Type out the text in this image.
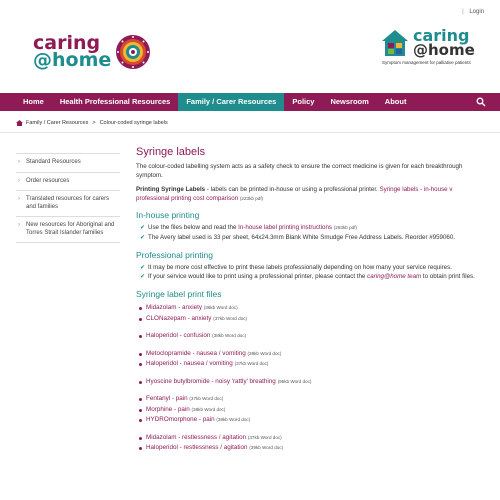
| Login
caring
@home
caring
@home
Symptom management for palliative patients
Home	Health Professional Resources	Family / Carer Resources	Policy	Newsroom	About
Family / Carer Resources > Colour-coded syringe labels
›	Standard Resources
›	Order resources
›	Translated resources for carers and families
›	New resources for Aboriginal and Torres Strait Islander families
Syringe labels

The colour-coded labelling system acts as a safety check to ensure the correct medicine is given for each breakthrough symptom.

Printing Syringe Labels - labels can be printed in-house or using a professional printer. Syringe labels - in-house v professional printing cost comparison (223kb pdf)

In-house printing
✔ Use the files below and read the In-house label printing instructions (293kb pdf)
✔ The Avery label used is 33 per sheet, 64x24.3mm Blank White Smudge Free Address Labels. Reorder #959060.
Professional printing
✔ It may be more cost effective to print these labels professionally depending on how many your service requires.
✔ If your service would like to print using a professional printer, please contact the caring@home team to obtain print files.
Syringe label print files
Midazolam - anxiety (36kb Word doc)
CLONazepam - anxiety (37kb Word doc)
Haloperidol - confusion (38kb Word doc)
Metoclopramide - nausea / vomiting (39kb Word doc)
Haloperidol - nausea / vomiting (37kb Word doc)
Hyoscine butylbromide - noisy 'rattly' breathing (95kb Word doc)
Fentanyl - pain (37kb Word doc)
Morphine - pain (38kb Word doc)
HYDROmorphone - pain (38kb Word doc)
Midazolam - restlessness / agitation (37kb Word doc)
Haloperidol - restlessness / agitation (39kb Word doc)
